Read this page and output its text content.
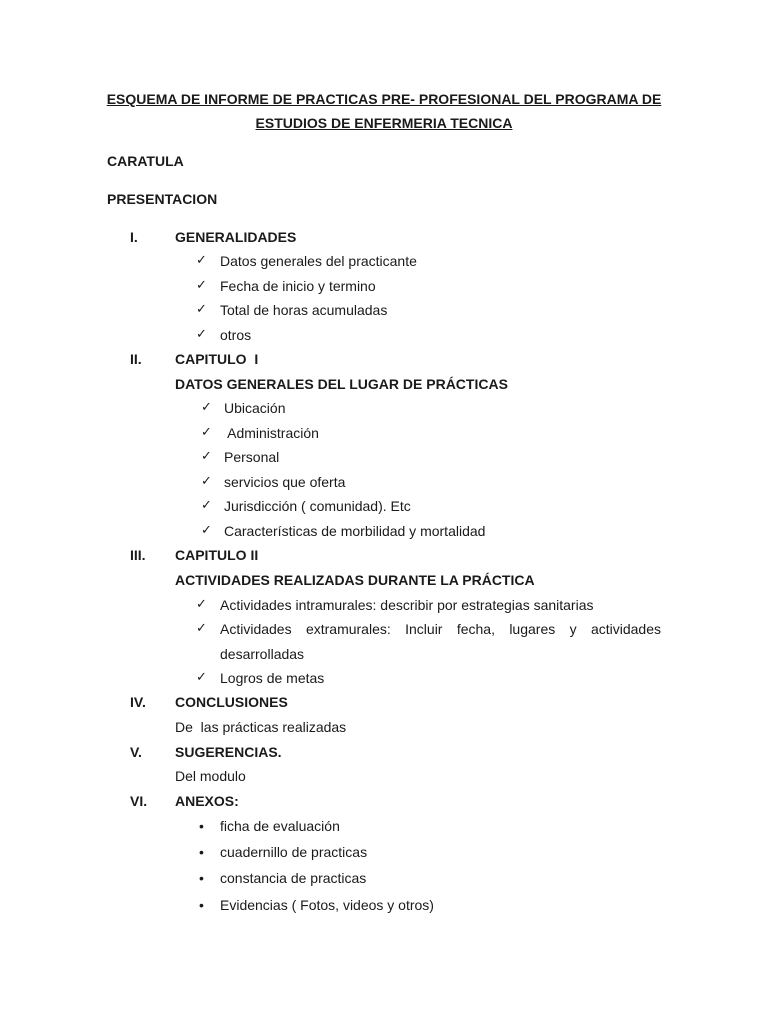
ESQUEMA DE INFORME DE PRACTICAS PRE- PROFESIONAL DEL PROGRAMA DE
ESTUDIOS DE ENFERMERIA TECNICA
CARATULA
PRESENTACION
I.	GENERALIDADES
✓ Datos generales del practicante
✓ Fecha de inicio y termino
✓ Total de horas acumuladas
✓ otros
II. CAPITULO  I
DATOS GENERALES DEL LUGAR DE PRÁCTICAS
✓ Ubicación
✓ Administración
✓ Personal
✓ servicios que oferta
✓ Jurisdicción ( comunidad). Etc
✓ Características de morbilidad y mortalidad
III. CAPITULO II
ACTIVIDADES REALIZADAS DURANTE LA PRÁCTICA
✓ Actividades intramurales: describir por estrategias sanitarias
✓ Actividades extramurales: Incluir fecha, lugares y actividades
desarrolladas
✓ Logros de metas
IV. CONCLUSIONES
De  las prácticas realizadas
V. SUGERENCIAS.
Del modulo
VI. ANEXOS:
• ficha de evaluación
• cuadernillo de practicas
• constancia de practicas
• Evidencias ( Fotos, videos y otros)
